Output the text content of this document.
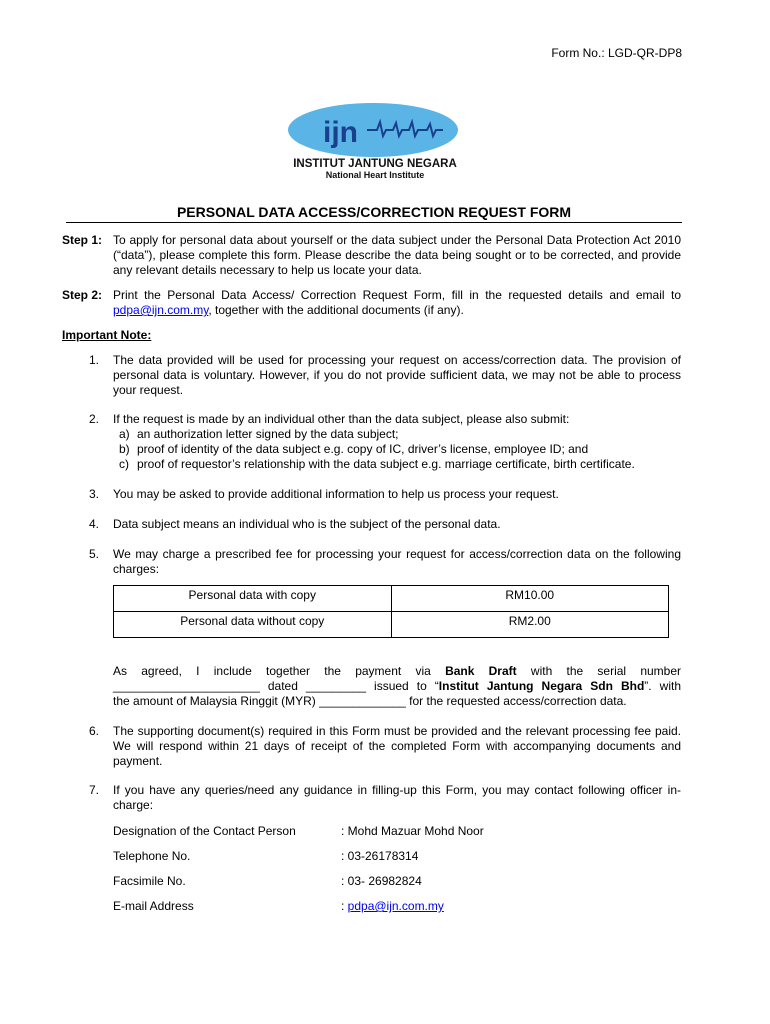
Form No.: LGD-QR-DP8
ijn
INSTITUT JANTUNG NEGARA
National Heart Institute
PERSONAL DATA ACCESS/CORRECTION REQUEST FORM
Step 1: To apply for personal data about yourself or the data subject under the Personal Data Protection Act 2010 (“data”), please complete this form. Please describe the data being sought or to be corrected, and provide any relevant details necessary to help us locate your data.
Step 2: Print the Personal Data Access/ Correction Request Form, fill in the requested details and email to pdpa@ijn.com.my, together with the additional documents (if any).
Important Note:
1.	The data provided will be used for processing your request on access/correction data. The provision of personal data is voluntary. However, if you do not provide sufficient data, we may not be able to process your request.
2.	If the request is made by an individual other than the data subject, please also submit:
a) an authorization letter signed by the data subject;
b) proof of identity of the data subject e.g. copy of IC, driver’s license, employee ID; and
c) proof of requestor’s relationship with the data subject e.g. marriage certificate, birth certificate.
3.	You may be asked to provide additional information to help us process your request.
4.	Data subject means an individual who is the subject of the personal data.
5.	We may charge a prescribed fee for processing your request for access/correction data on the following charges:
Personal data with copy	RM10.00
Personal data without copy	RM2.00

As agreed, I include together the payment via Bank Draft with the serial number

______________________ dated _________ issued to “Institut Jantung Negara Sdn Bhd”. with

the amount of Malaysia Ringgit (MYR) _____________ for the requested access/correction data.

6.	The supporting document(s) required in this Form must be provided and the relevant processing fee paid. We will respond within 21 days of receipt of the completed Form with accompanying documents and payment.
7.	If you have any queries/need any guidance in filling-up this Form, you may contact following officer in-charge:
Designation of the Contact Person	: Mohd Mazuar Mohd Noor
Telephone No.	: 03-26178314
Facsimile No.	: 03- 26982824
E-mail Address	: pdpa@ijn.com.my
